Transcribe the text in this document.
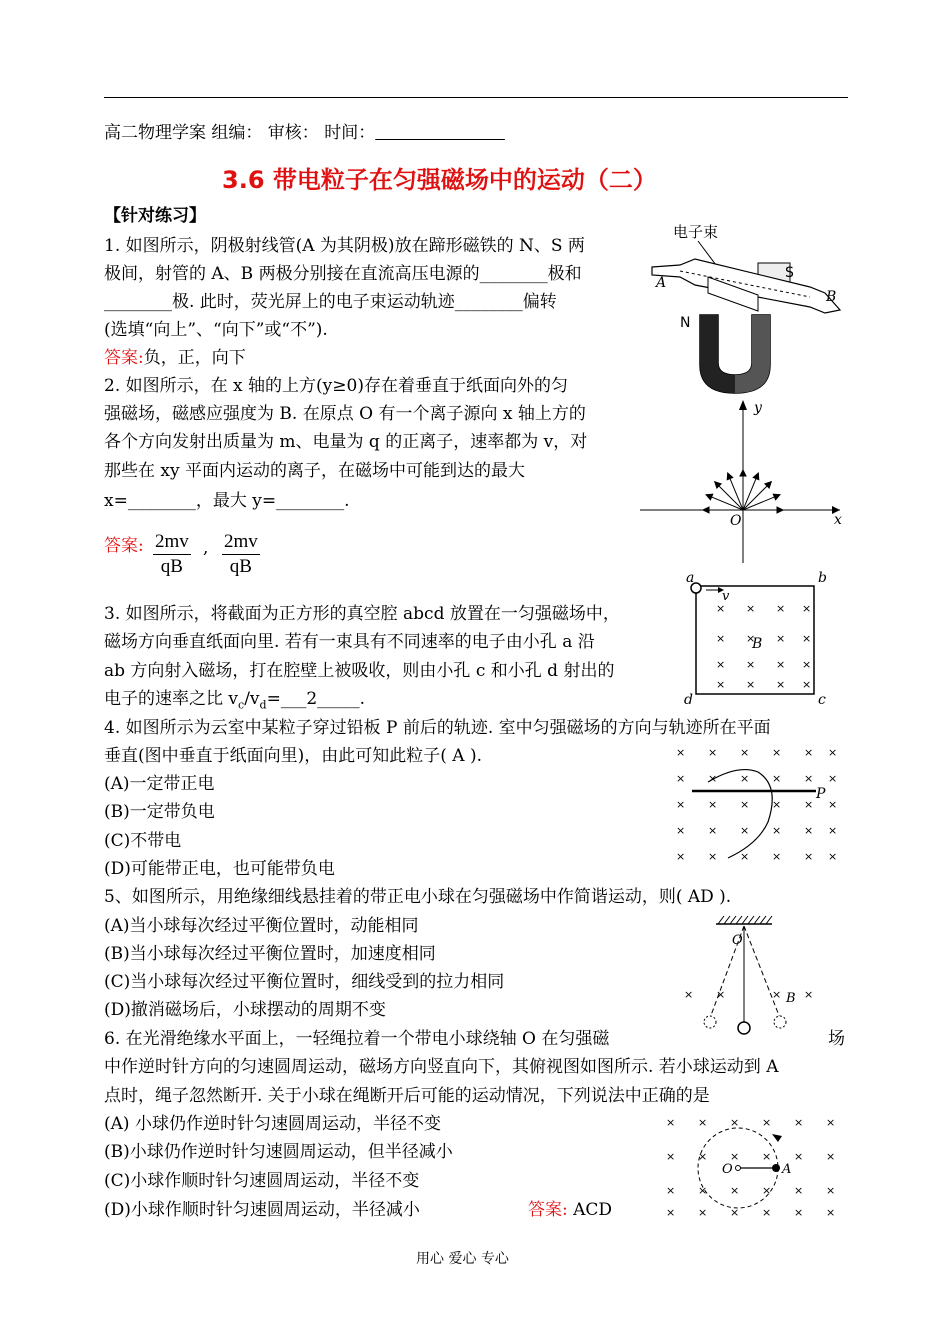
高二物理学案 组编： 审核： 时间：
3.6 带电粒子在匀强磁场中的运动（二）
【针对练习】
1. 如图所示，阴极射线管(A 为其阴极)放在蹄形磁铁的 N、S 两
极间，射管的 A、B 两极分别接在直流高压电源的________极和
________极. 此时，荧光屏上的电子束运动轨迹________偏转
(选填“向上”、“向下”或“不”).
答案:负，正，向下
电子束
S
N
A
B
2. 如图所示，在 x 轴的上方(y≥0)存在着垂直于纸面向外的匀
强磁场，磁感应强度为 B. 在原点 O 有一个离子源向 x 轴上方的
各个方向发射出质量为 m、电量为 q 的正离子，速率都为 v，对
那些在 xy 平面内运动的离子，在磁场中可能到达的最大
x=________，最大 y=________.
答案: $\frac{2mv}{qB}$ , $\frac{2mv}{qB}$
y
x
O
3. 如图所示，将截面为正方形的真空腔 abcd 放置在一匀强磁场中，
磁场方向垂直纸面向里. 若有一束具有不同速率的电子由小孔 a 沿
ab 方向射入磁场，打在腔壁上被吸收，则由小孔 c 和小孔 d 射出的
电子的速率之比 $v_c/v_d=\_\_\_2\_\_\_\_\_$.
×
×
×
×
×
×
×
×
×
×
×
×
×
×
×
×
a	b
c
d
B
v
4. 如图所示为云室中某粒子穿过铅板 P 前后的轨迹. 室中匀强磁场的方向与轨迹所在平面
垂直(图中垂直于纸面向里)，由此可知此粒子( A ).
(A)一定带正电
(B)一定带负电
(C)不带电
(D)可能带正电，也可能带负电
×
×
×
×
×
×
×
×
×
×
×
×
×
×
×
×
×
×
×
×
×
×
×
×
×
×
×
×
×
×
P
5、如图所示，用绝缘细线悬挂着的带正电小球在匀强磁场中作简谐运动，则( AD ).
(A)当小球每次经过平衡位置时，动能相同
(B)当小球每次经过平衡位置时，加速度相同
(C)当小球每次经过平衡位置时，细线受到的拉力相同
(D)撤消磁场后，小球摆动的周期不变
O
B
× ×	× ×
6. 在光滑绝缘水平面上，一轻绳拉着一个带电小球绕轴 O 在匀强磁	场
中作逆时针方向的匀速圆周运动，磁场方向竖直向下，其俯视图如图所示. 若小球运动到 A
点时，绳子忽然断开. 关于小球在绳断开后可能的运动情况，下列说法中正确的是
(A) 小球仍作逆时针匀速圆周运动，半径不变
(B)小球仍作逆时针匀速圆周运动，但半径减小
(C)小球作顺时针匀速圆周运动，半径不变
(D)小球作顺时针匀速圆周运动，半径减小	答案: ACD
×
×
×
×
×
×
×
×
×
×
×
×
×
×
×
×
×
×
×
×
×
×
×
×
O	A
用心 爱心 专心
